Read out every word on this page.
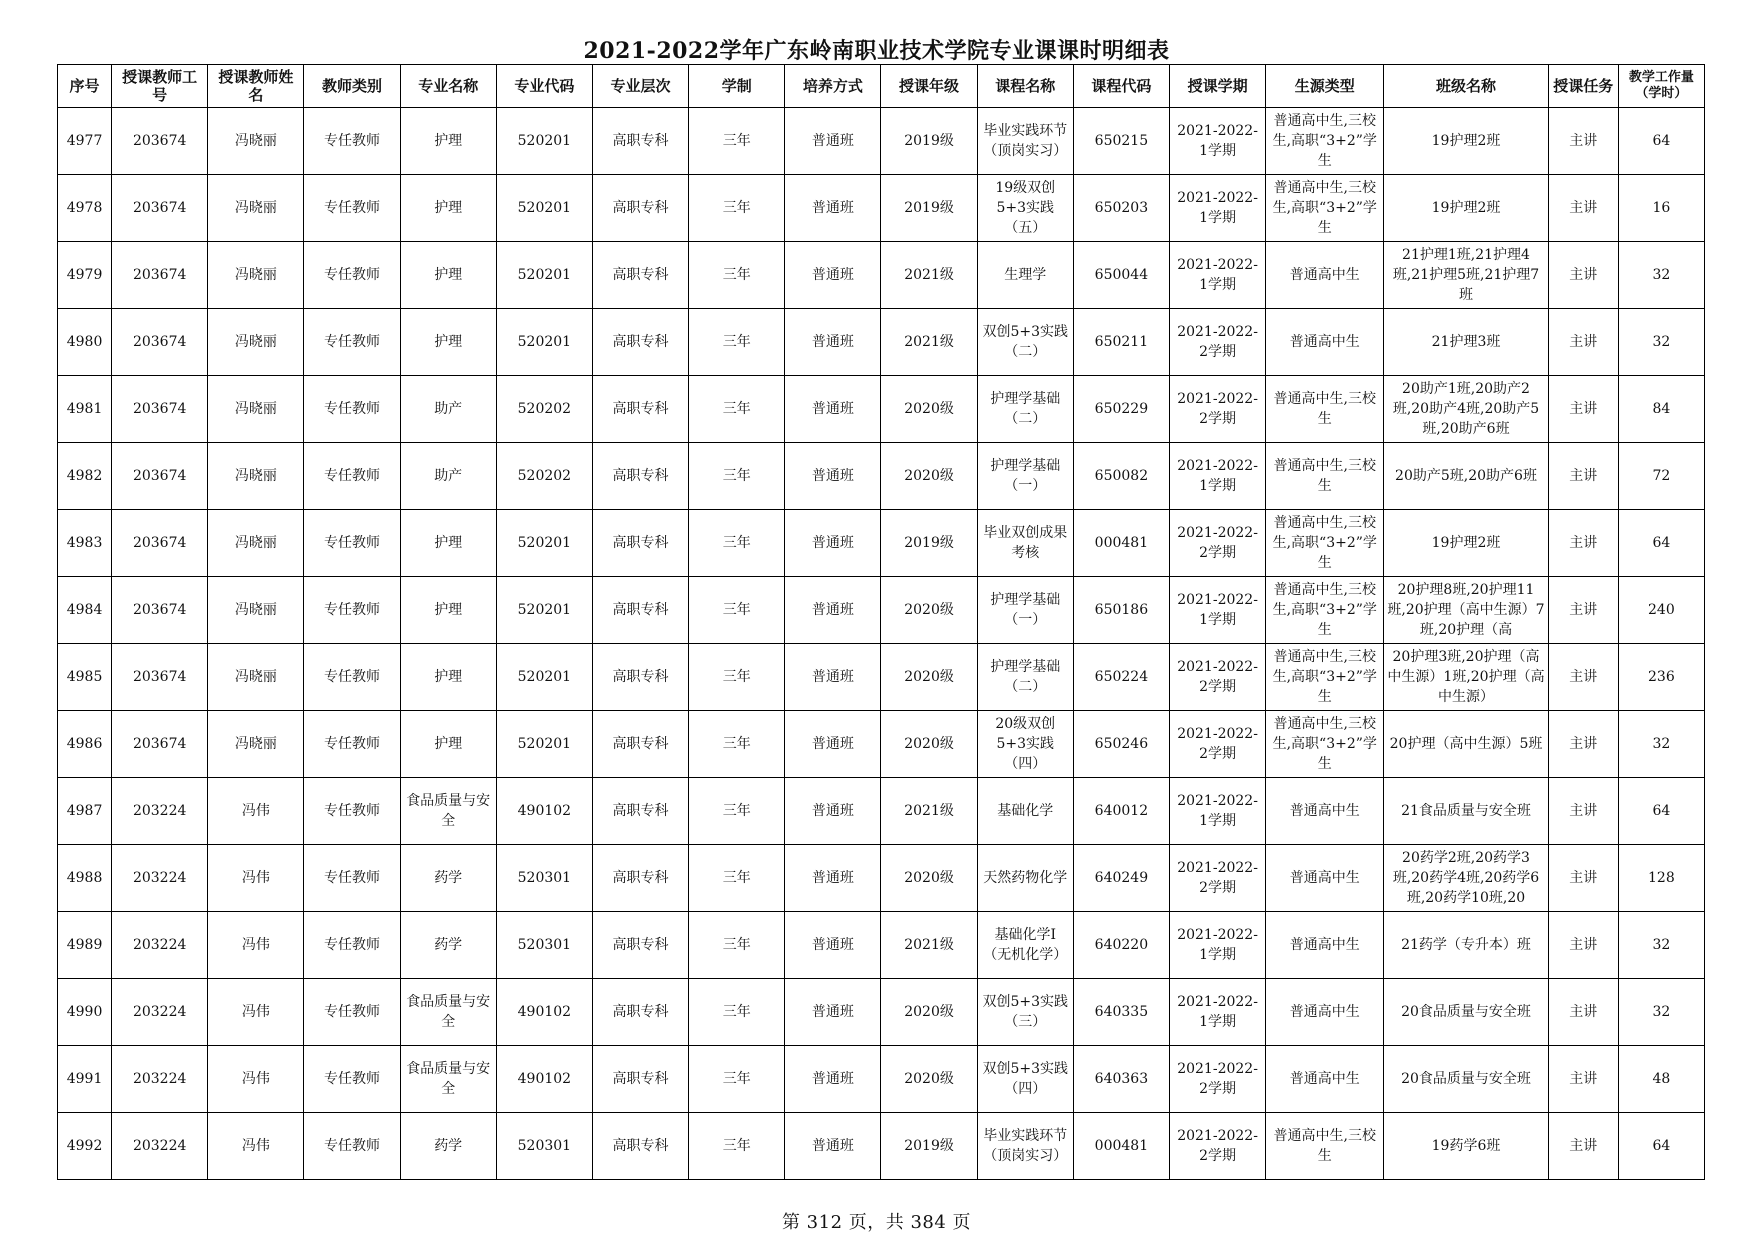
2021-2022学年广东岭南职业技术学院专业课课时明细表
序号	授课教师工号	授课教师姓名	教师类别	专业名称	专业代码	专业层次	学制	培养方式	授课年级	课程名称	课程代码	授课学期	生源类型	班级名称	授课任务	教学工作量（学时）

4977	203674	冯晓丽	专任教师	护理	520201	高职专科	三年	普通班	2019级	毕业实践环节（顶岗实习）	650215	2021-2022-1学期	普通高中生,三校生,高职“3+2”学生	19护理2班	主讲	64

4978	203674	冯晓丽	专任教师	护理	520201	高职专科	三年	普通班	2019级	19级双创5+3实践（五）	650203	2021-2022-1学期	普通高中生,三校生,高职“3+2”学生	19护理2班	主讲	16

4979	203674	冯晓丽	专任教师	护理	520201	高职专科	三年	普通班	2021级	生理学	650044	2021-2022-1学期	普通高中生	21护理1班,21护理4班,21护理5班,21护理7班	主讲	32

4980	203674	冯晓丽	专任教师	护理	520201	高职专科	三年	普通班	2021级	双创5+3实践（二）	650211	2021-2022-2学期	普通高中生	21护理3班	主讲	32

4981	203674	冯晓丽	专任教师	助产	520202	高职专科	三年	普通班	2020级	护理学基础（二）	650229	2021-2022-2学期	普通高中生,三校生	20助产1班,20助产2班,20助产4班,20助产5班,20助产6班	主讲	84

4982	203674	冯晓丽	专任教师	助产	520202	高职专科	三年	普通班	2020级	护理学基础（一）	650082	2021-2022-1学期	普通高中生,三校生	20助产5班,20助产6班	主讲	72

4983	203674	冯晓丽	专任教师	护理	520201	高职专科	三年	普通班	2019级	毕业双创成果考核	000481	2021-2022-2学期	普通高中生,三校生,高职“3+2”学生	19护理2班	主讲	64

4984	203674	冯晓丽	专任教师	护理	520201	高职专科	三年	普通班	2020级	护理学基础（一）	650186	2021-2022-1学期	普通高中生,三校生,高职“3+2”学生	20护理8班,20护理11班,20护理（高中生源）7班,20护理（高	主讲	240

4985	203674	冯晓丽	专任教师	护理	520201	高职专科	三年	普通班	2020级	护理学基础（二）	650224	2021-2022-2学期	普通高中生,三校生,高职“3+2”学生	20护理3班,20护理（高中生源）1班,20护理（高中生源）	主讲	236

4986	203674	冯晓丽	专任教师	护理	520201	高职专科	三年	普通班	2020级	20级双创5+3实践（四）	650246	2021-2022-2学期	普通高中生,三校生,高职“3+2”学生	20护理（高中生源）5班	主讲	32

4987	203224	冯伟	专任教师	食品质量与安全	490102	高职专科	三年	普通班	2021级	基础化学	640012	2021-2022-1学期	普通高中生	21食品质量与安全班	主讲	64

4988	203224	冯伟	专任教师	药学	520301	高职专科	三年	普通班	2020级	天然药物化学	640249	2021-2022-2学期	普通高中生	20药学2班,20药学3班,20药学4班,20药学6班,20药学10班,20	主讲	128

4989	203224	冯伟	专任教师	药学	520301	高职专科	三年	普通班	2021级	基础化学I（无机化学）	640220	2021-2022-1学期	普通高中生	21药学（专升本）班	主讲	32

4990	203224	冯伟	专任教师	食品质量与安全	490102	高职专科	三年	普通班	2020级	双创5+3实践（三）	640335	2021-2022-1学期	普通高中生	20食品质量与安全班	主讲	32

4991	203224	冯伟	专任教师	食品质量与安全	490102	高职专科	三年	普通班	2020级	双创5+3实践（四）	640363	2021-2022-2学期	普通高中生	20食品质量与安全班	主讲	48

4992	203224	冯伟	专任教师	药学	520301	高职专科	三年	普通班	2019级	毕业实践环节（顶岗实习）	000481	2021-2022-2学期	普通高中生,三校生	19药学6班	主讲	64
第 312 页，共 384 页
